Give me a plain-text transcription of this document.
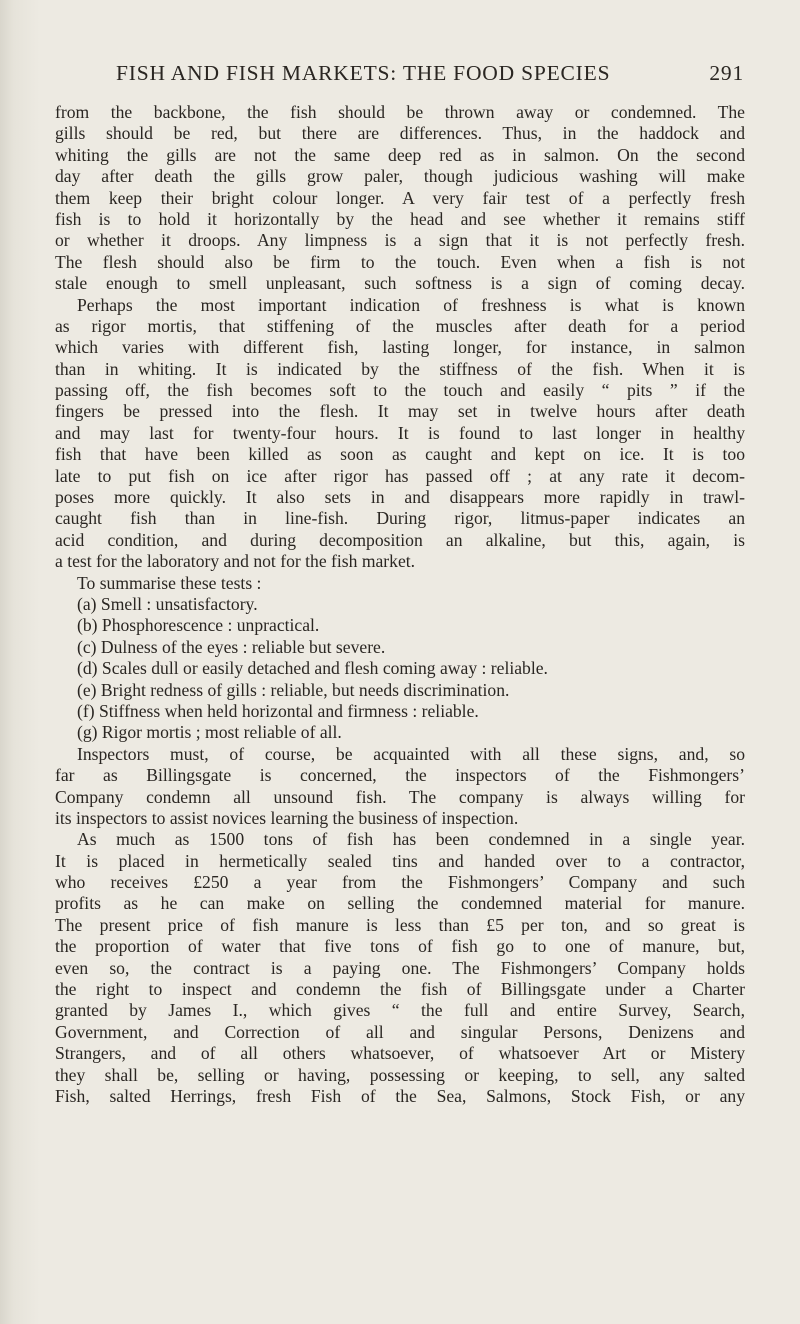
FISH AND FISH MARKETS: THE FOOD SPECIES	291
from the backbone, the fish should be thrown away or condemned. The
gills should be red, but there are differences. Thus, in the haddock and
whiting the gills are not the same deep red as in salmon. On the second
day after death the gills grow paler, though judicious washing will make
them keep their bright colour longer. A very fair test of a perfectly fresh
fish is to hold it horizontally by the head and see whether it remains stiff
or whether it droops. Any limpness is a sign that it is not perfectly fresh.
The flesh should also be firm to the touch. Even when a fish is not
stale enough to smell unpleasant, such softness is a sign of coming decay.
Perhaps the most important indication of freshness is what is known
as rigor mortis, that stiffening of the muscles after death for a period
which varies with different fish, lasting longer, for instance, in salmon
than in whiting. It is indicated by the stiffness of the fish. When it is
passing off, the fish becomes soft to the touch and easily “ pits ” if the
fingers be pressed into the flesh. It may set in twelve hours after death
and may last for twenty-four hours. It is found to last longer in healthy
fish that have been killed as soon as caught and kept on ice. It is too
late to put fish on ice after rigor has passed off ; at any rate it decom-
poses more quickly. It also sets in and disappears more rapidly in trawl-
caught fish than in line-fish. During rigor, litmus-paper indicates an
acid condition, and during decomposition an alkaline, but this, again, is
a test for the laboratory and not for the fish market.
To summarise these tests :
(a) Smell : unsatisfactory.
(b) Phosphorescence : unpractical.
(c) Dulness of the eyes : reliable but severe.
(d) Scales dull or easily detached and flesh coming away : reliable.
(e) Bright redness of gills : reliable, but needs discrimination.
(f) Stiffness when held horizontal and firmness : reliable.
(g) Rigor mortis ; most reliable of all.
Inspectors must, of course, be acquainted with all these signs, and, so
far as Billingsgate is concerned, the inspectors of the Fishmongers’
Company condemn all unsound fish. The company is always willing for
its inspectors to assist novices learning the business of inspection.
As much as 1500 tons of fish has been condemned in a single year.
It is placed in hermetically sealed tins and handed over to a contractor,
who receives £250 a year from the Fishmongers’ Company and such
profits as he can make on selling the condemned material for manure.
The present price of fish manure is less than £5 per ton, and so great is
the proportion of water that five tons of fish go to one of manure, but,
even so, the contract is a paying one. The Fishmongers’ Company holds
the right to inspect and condemn the fish of Billingsgate under a Charter
granted by James I., which gives “ the full and entire Survey, Search,
Government, and Correction of all and singular Persons, Denizens and
Strangers, and of all others whatsoever, of whatsoever Art or Mistery
they shall be, selling or having, possessing or keeping, to sell, any salted
Fish, salted Herrings, fresh Fish of the Sea, Salmons, Stock Fish, or any
